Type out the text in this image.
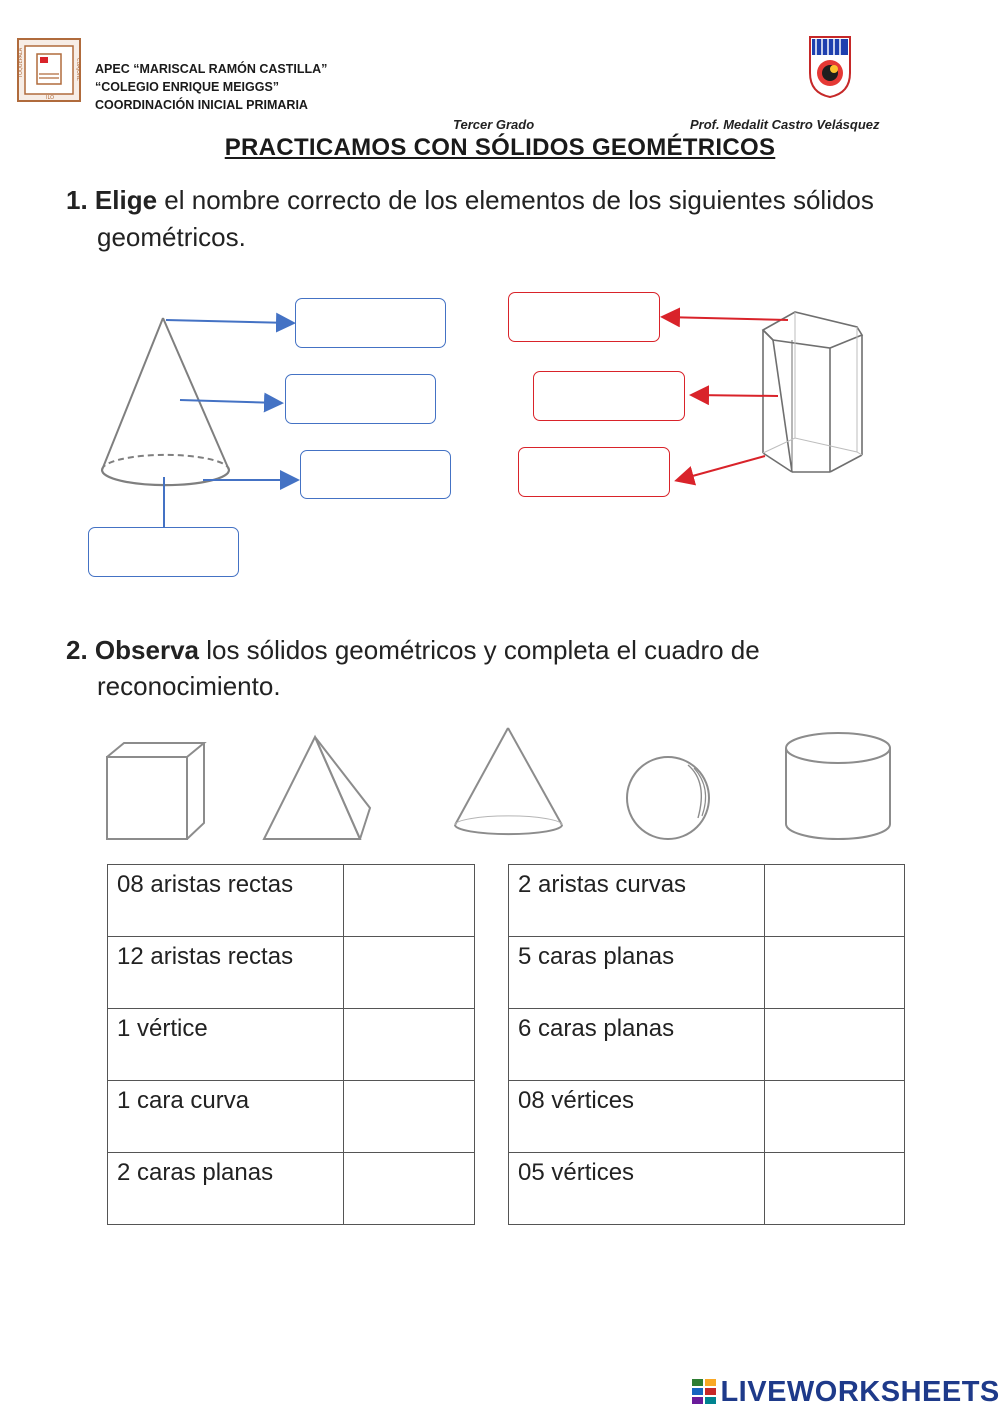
TOQUEPALA	CUAJONE
ILO
APEC “MARISCAL RAMÓN CASTILLA”
“COLEGIO ENRIQUE MEIGGS”
COORDINACIÓN INICIAL PRIMARIA
Tercer Grado	Prof. Medalit Castro Velásquez
PRACTICAMOS CON SÓLIDOS GEOMÉTRICOS
1. Elige el nombre correcto de los elementos de los siguientes sólidos
geométricos.
2. Observa los sólidos geométricos y completa el cuadro de
reconocimiento.
08 aristas rectas	
12 aristas rectas	
1 vértice	
1 cara curva	
2 caras planas	
2 aristas curvas	
5 caras planas	
6 caras planas	
08 vértices	
05 vértices	
LIVEWORKSHEETS
